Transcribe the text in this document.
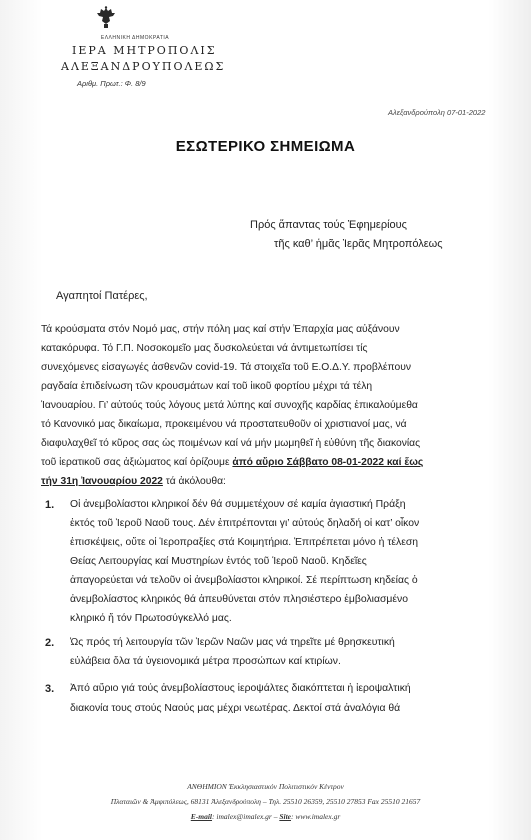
ΕΛΛΗΝΙΚΗ ΔΗΜΟΚΡΑΤΙΑ
ΙΕΡΑ ΜΗΤΡΟΠΟΛΙΣ
ΑΛΕΞΑΝΔΡΟΥΠΟΛΕΩΣ
Αριθμ. Πρωτ.: Φ. 8/9
Αλεξανδρούπολη 07-01-2022
ΕΣΩΤΕΡΙΚΟ ΣΗΜΕΙΩΜΑ
Πρός ἅπαντας τούς Ἐφημερίους
τῆς καθ’ ἡμᾶς Ἱερᾶς Μητροπόλεως
Αγαπητοί Πατέρες,
Τά κρούσματα στόν Νομό μας, στήν πόλη μας καί στήν Ἐπαρχία μας αὐξάνουν
κατακόρυφα. Τό Γ.Π. Νοσοκομεῖο μας δυσκολεύεται νά ἀντιμετωπίσει τίς
συνεχόμενες εἰσαγωγές ἀσθενῶν covid-19. Τά στοιχεῖα τοῦ Ε.Ο.Δ.Υ. προβλέπουν
ραγδαία ἐπιδείνωση τῶν κρουσμάτων καί τοῦ ἰικοῦ φορτίου μέχρι τά τέλη
Ἰανουαρίου. Γι’ αὐτούς τούς λόγους μετά λύπης καί συνοχῆς καρδίας ἐπικαλούμεθα
τό Κανονικό μας δικαίωμα, προκειμένου νά προστατευθοῦν οἱ χριστιανοί μας, νά
διαφυλαχθεῖ τό κῦρος σας ὡς ποιμένων καί νά μήν μωμηθεῖ ἡ εὐθύνη τῆς διακονίας
τοῦ ἱερατικοῦ σας ἀξιώματος καί ὁρίζουμε ἀπό αὔριο Σάββατο 08-01-2022 καί ἕως
τήν 31η Ἰανουαρίου 2022 τά ἀκόλουθα:
1. Οἱ ἀνεμβολίαστοι κληρικοί δέν θά συμμετέχουν σέ καμία ἁγιαστική Πράξη
ἐκτός τοῦ Ἱεροῦ Ναοῦ τους. Δέν ἐπιτρέπονται γι’ αὐτούς δηλαδή οἱ κατ’ οἶκον
ἐπισκέψεις, οὔτε οἱ Ἱεροπραξίες στά Κοιμητήρια. Ἐπιτρέπεται μόνο ἡ τέλεση
Θείας Λειτουργίας καί Μυστηρίων ἐντός τοῦ Ἱεροῦ Ναοῦ. Κηδεῖες
ἀπαγορεύεται νά τελοῦν οἱ ἀνεμβολίαστοι κληρικοί. Σέ περίπτωση κηδείας ὁ
ἀνεμβολίαστος κληρικός θά ἀπευθύνεται στόν πλησιέστερο ἐμβολιασμένο
κληρικό ἤ τόν Πρωτοσύγκελλό μας.
2. Ὡς πρός τή λειτουργία τῶν Ἱερῶν Ναῶν μας νά τηρεῖτε μέ θρησκευτική
εὐλάβεια ὅλα τά ὑγειονομικά μέτρα προσώπων καί κτιρίων.
3. Ἀπό αὔριο γιά τούς ἀνεμβολίαστους ἱεροψάλτες διακόπτεται ἡ ἱεροψαλτική
διακονία τους στούς Ναούς μας μέχρι νεωτέρας. Δεκτοί στά ἀναλόγια θά
ΑΝΘΗΜΙΟΝ Ἐκκλησιαστικόν Πολιτιστικόν Κέντρον
Πλαταιῶν & Ἀμφιπόλεως, 68131 Ἀλεξανδρούπολη – Τηλ. 25510 26359, 25510 27853 Fax 25510 21657
E-mail: imalex@imalex.gr – Site: www.imalex.gr
